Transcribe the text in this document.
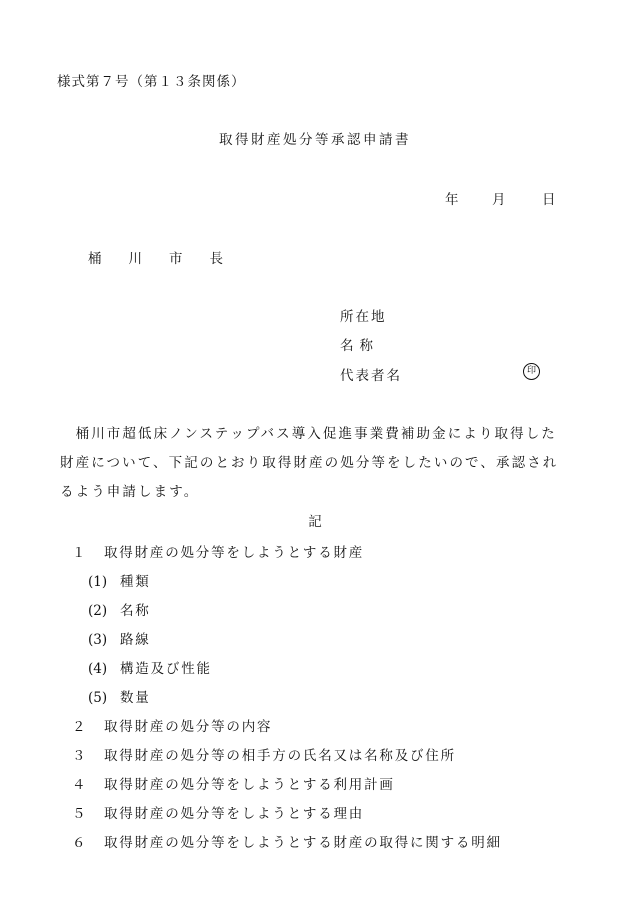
様式第７号（第１３条関係）
取得財産処分等承認申請書
年 月	日
桶 川 市 長
所在地
名称
代表者名	印
　桶川市超低床ノンステップバス導入促進事業費補助金により取得した
財産について、下記のとおり取得財産の処分等をしたいので、承認され
るよう申請します。
記
１ 取得財産の処分等をしようとする財産
(1) 種類
(2) 名称
(3) 路線
(4) 構造及び性能
(5) 数量
２ 取得財産の処分等の内容
３ 取得財産の処分等の相手方の氏名又は名称及び住所
４ 取得財産の処分等をしようとする利用計画
５ 取得財産の処分等をしようとする理由
６ 取得財産の処分等をしようとする財産の取得に関する明細
